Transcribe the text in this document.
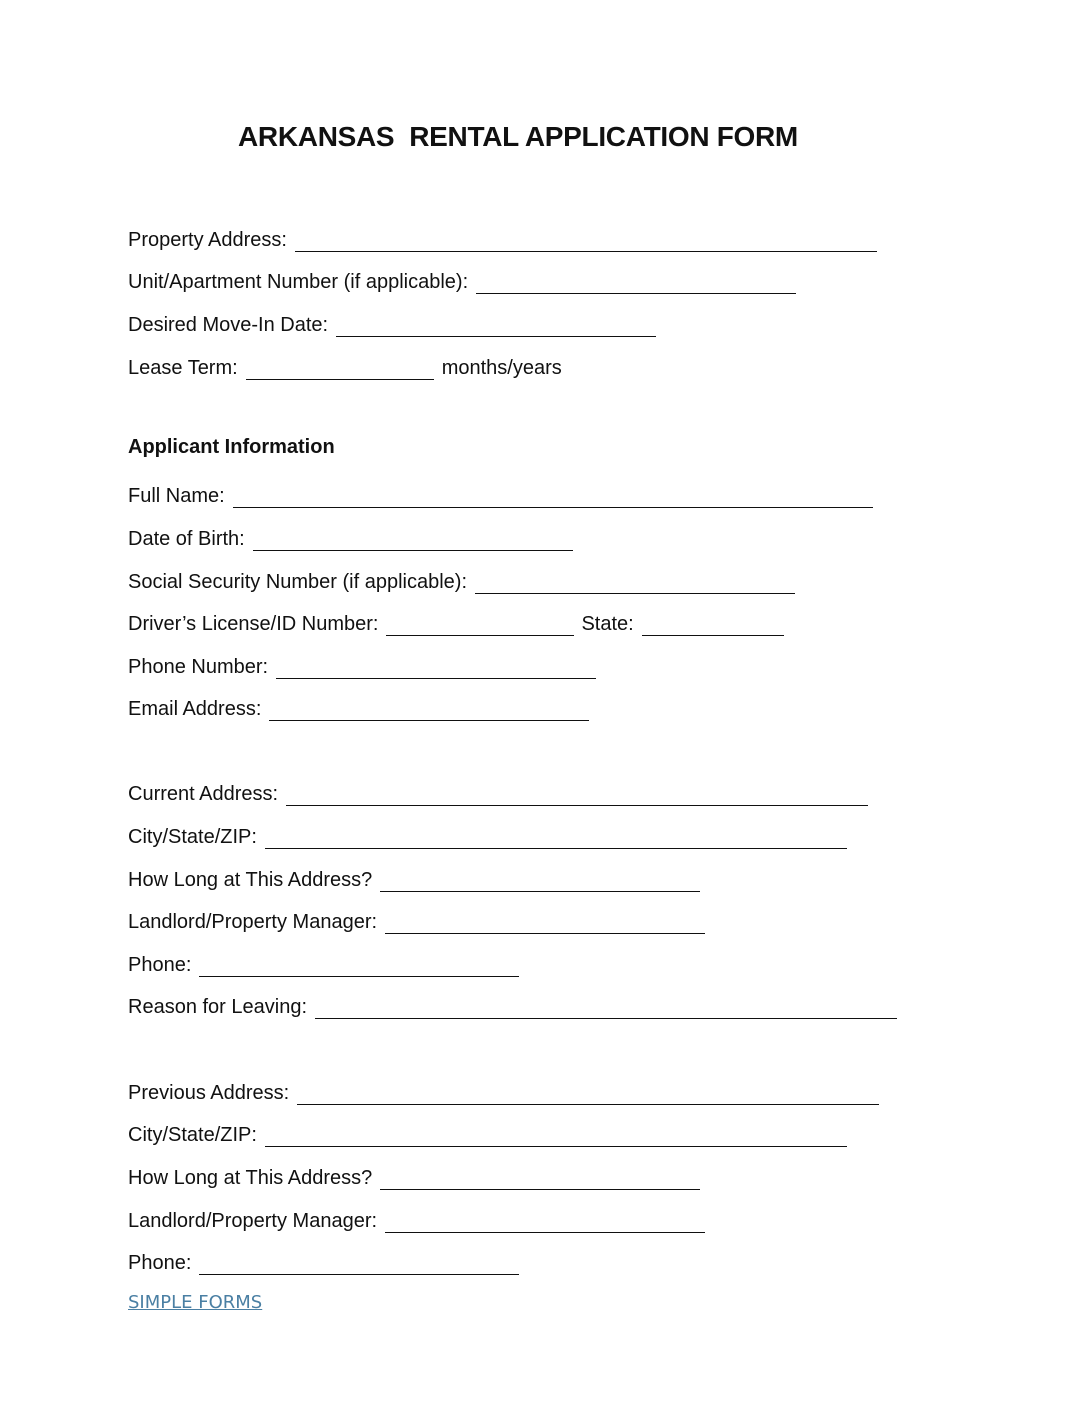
ARKANSAS  RENTAL APPLICATION FORM
Property Address:
Unit/Apartment Number (if applicable):
Desired Move-In Date:
Lease Term:	months/years
Applicant Information
Full Name:
Date of Birth:
Social Security Number (if applicable):
Driver’s License/ID Number:	State:
Phone Number:
Email Address:
Current Address:
City/State/ZIP:
How Long at This Address?
Landlord/Property Manager:
Phone:
Reason for Leaving:
Previous Address:
City/State/ZIP:
How Long at This Address?
Landlord/Property Manager:
Phone:
SIMPLE FORMS
